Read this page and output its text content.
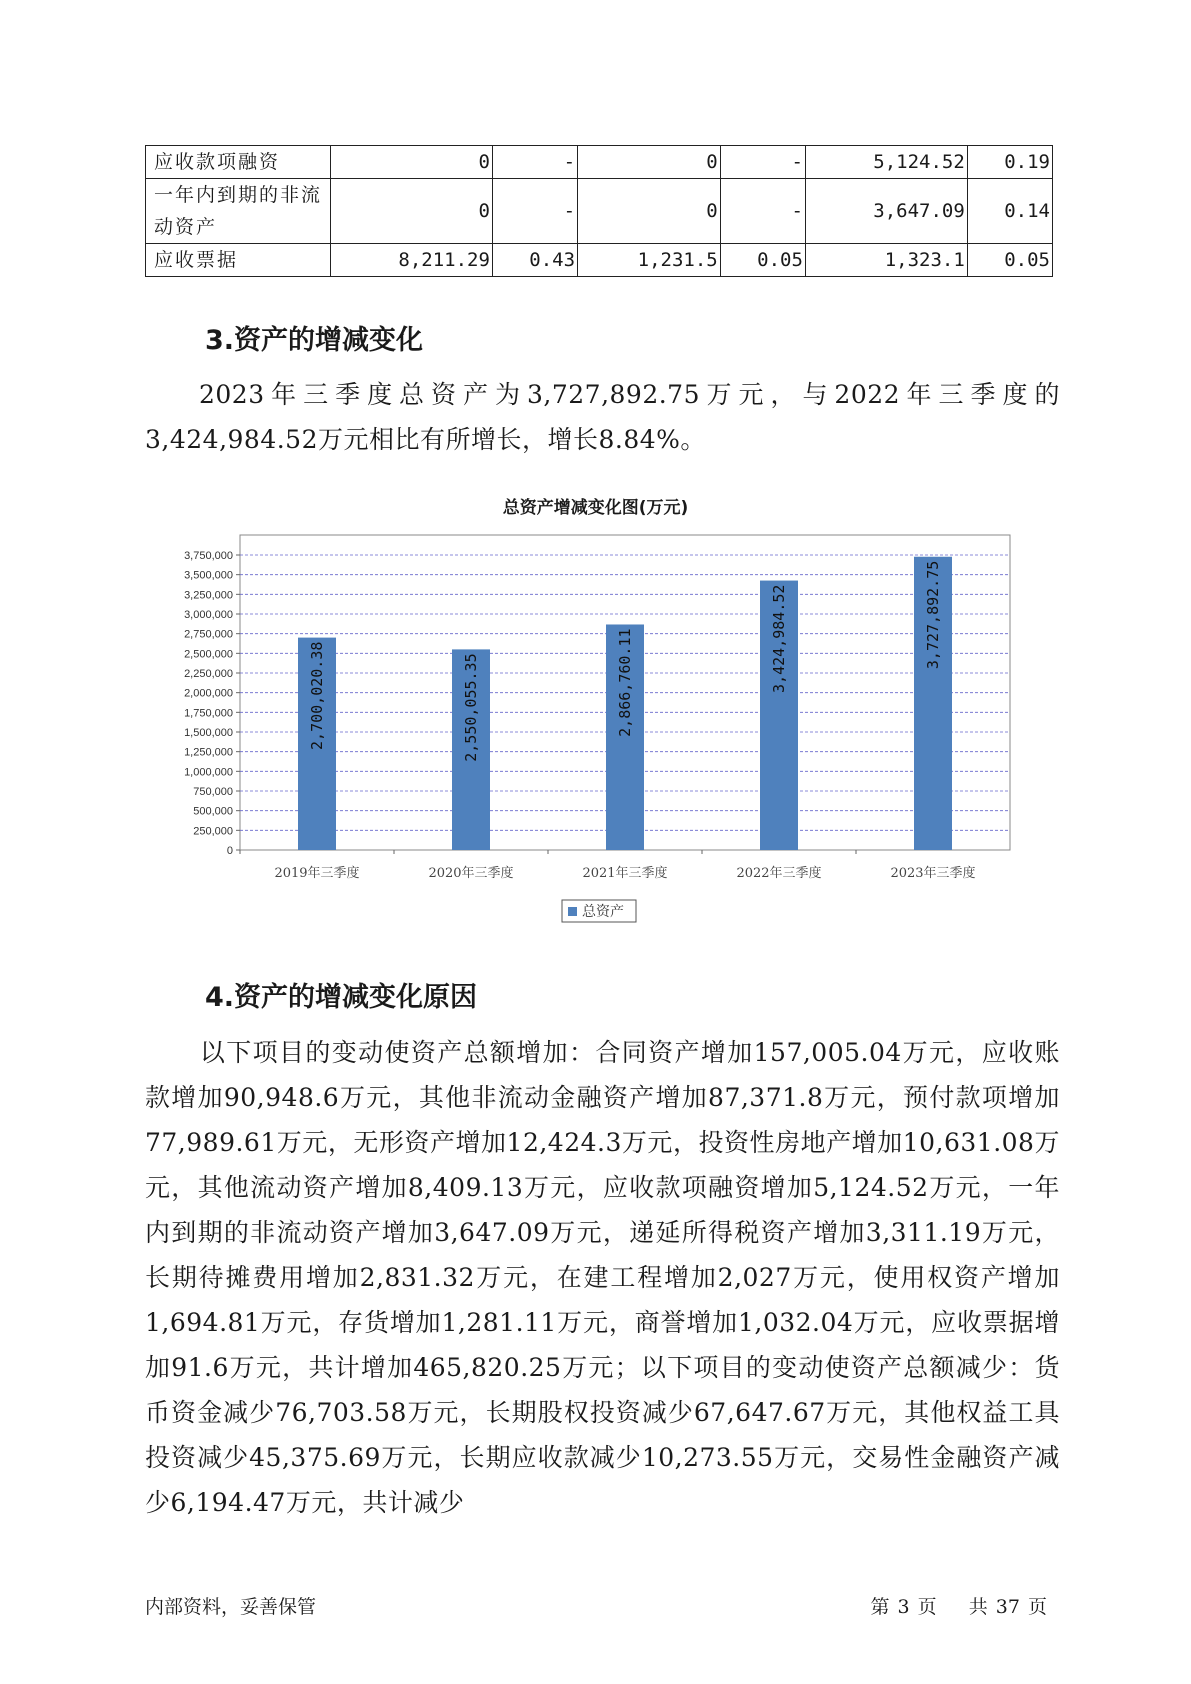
应收款项融资	0	-	0	-	5,124.52	0.19
一年内到期的非流动资产	0	-	0	-	3,647.09	0.14
应收票据	8,211.29	0.43	1,231.5	0.05	1,323.1	0.05
3.资产的增减变化

2023年三季度总资产为3,727,892.75万元，与2022年三季度的3,424,984.52万元相比有所增长，增长8.84%。

总资产增减变化图(万元)
0
250,000
500,000
750,000
1,000,000
1,250,000
1,500,000
1,750,000
2,000,000
2,250,000
2,500,000
2,750,000
3,000,000
3,250,000
3,500,000
3,750,000
2,700,020.38
2019年三季度
2,550,055.35
2020年三季度
2,866,760.11
2021年三季度
3,424,984.52
2022年三季度
3,727,892.75
2023年三季度
总资产
4.资产的增减变化原因

以下项目的变动使资产总额增加：合同资产增加157,005.04万元，应收账款增加90,948.6万元，其他非流动金融资产增加87,371.8万元，预付款项增加77,989.61万元，无形资产增加12,424.3万元，投资性房地产增加10,631.08万元，其他流动资产增加8,409.13万元，应收款项融资增加5,124.52万元，一年内到期的非流动资产增加3,647.09万元，递延所得税资产增加3,311.19万元，长期待摊费用增加2,831.32万元，在建工程增加2,027万元，使用权资产增加1,694.81万元，存货增加1,281.11万元，商誉增加1,032.04万元，应收票据增加91.6万元，共计增加465,820.25万元；以下项目的变动使资产总额减少：货币资金减少76,703.58万元，长期股权投资减少67,647.67万元，其他权益工具投资减少45,375.69万元，长期应收款减少10,273.55万元，交易性金融资产减少6,194.47万元，共计减少

内部资料，妥善保管	第 3 页 共 37 页
